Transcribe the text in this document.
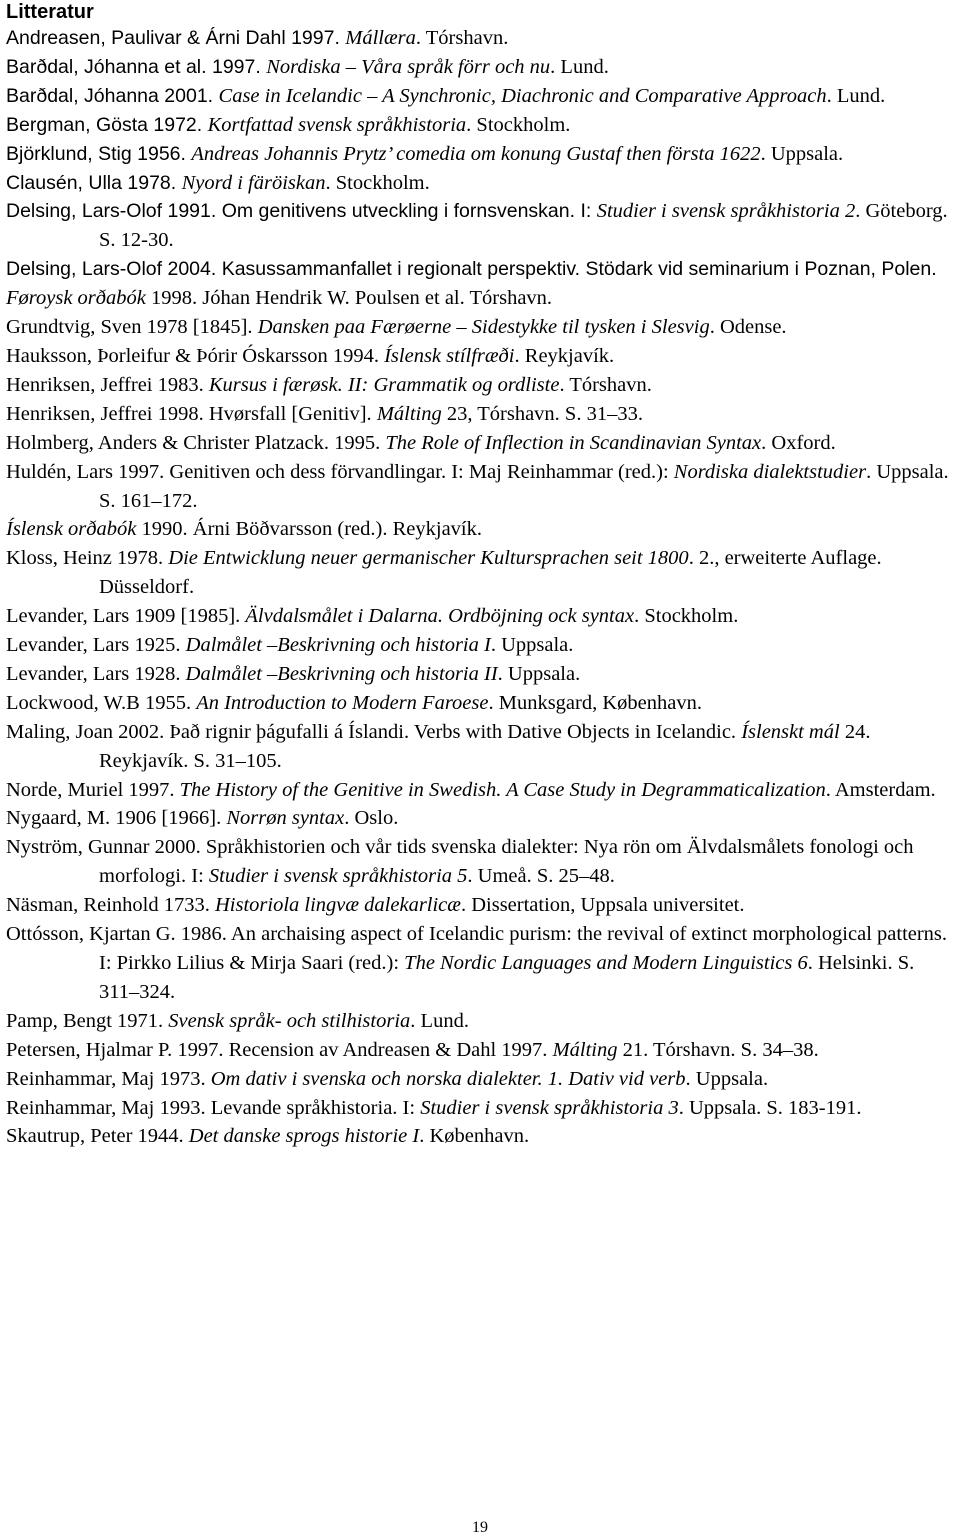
Litteratur

Andreasen, Paulivar & Árni Dahl 1997. Mállæra. Tórshavn.

Barðdal, Jóhanna et al. 1997. Nordiska – Våra språk förr och nu. Lund.

Barðdal, Jóhanna 2001. Case in Icelandic – A Synchronic, Diachronic and Comparative Approach. Lund.

Bergman, Gösta 1972. Kortfattad svensk språkhistoria. Stockholm.

Björklund, Stig 1956. Andreas Johannis Prytz’ comedia om konung Gustaf then första 1622. Uppsala.

Clausén, Ulla 1978. Nyord i färöiskan. Stockholm.

Delsing, Lars-Olof 1991. Om genitivens utveckling i fornsvenskan. I: Studier i svensk språkhistoria 2. Göteborg. S. 12-30.

Delsing, Lars-Olof 2004. Kasussammanfallet i regionalt perspektiv. Stödark vid seminarium i Poznan, Polen.

Føroysk orðabók 1998. Jóhan Hendrik W. Poulsen et al. Tórshavn.

Grundtvig, Sven 1978 [1845]. Dansken paa Færøerne – Sidestykke til tysken i Slesvig. Odense.

Hauksson, Þorleifur & Þórir Óskarsson 1994. Íslensk stílfræði. Reykjavík.

Henriksen, Jeffrei 1983. Kursus i færøsk. II: Grammatik og ordliste. Tórshavn.

Henriksen, Jeffrei 1998. Hvørsfall [Genitiv]. Málting 23, Tórshavn. S. 31–33.

Holmberg, Anders & Christer Platzack. 1995. The Role of Inflection in Scandinavian Syntax. Oxford.

Huldén, Lars 1997. Genitiven och dess förvandlingar. I: Maj Reinhammar (red.): Nordiska dialektstudier. Uppsala. S. 161–172.

Íslensk orðabók 1990. Árni Böðvarsson (red.). Reykjavík.

Kloss, Heinz 1978. Die Entwicklung neuer germanischer Kultursprachen seit 1800. 2., erweiterte Auflage. Düsseldorf.

Levander, Lars 1909 [1985]. Älvdalsmålet i Dalarna. Ordböjning ock syntax. Stockholm.

Levander, Lars 1925. Dalmålet –Beskrivning och historia I. Uppsala.

Levander, Lars 1928. Dalmålet –Beskrivning och historia II. Uppsala.

Lockwood, W.B 1955. An Introduction to Modern Faroese. Munksgard, København.

Maling, Joan 2002. Það rignir þágufalli á Íslandi. Verbs with Dative Objects in Icelandic. Íslenskt mál 24. Reykjavík. S. 31–105.

Norde, Muriel 1997. The History of the Genitive in Swedish. A Case Study in Degrammaticalization. Amsterdam.

Nygaard, M. 1906 [1966]. Norrøn syntax. Oslo.

Nyström, Gunnar 2000. Språkhistorien och vår tids svenska dialekter: Nya rön om Älvdalsmålets fonologi och morfologi. I: Studier i svensk språkhistoria 5. Umeå. S. 25–48.

Näsman, Reinhold 1733. Historiola lingvæ dalekarlicæ. Dissertation, Uppsala universitet.

Ottósson, Kjartan G. 1986. An archaising aspect of Icelandic purism: the revival of extinct morphological patterns. I: Pirkko Lilius & Mirja Saari (red.): The Nordic Languages and Modern Linguistics 6. Helsinki. S. 311–324.

Pamp, Bengt 1971. Svensk språk- och stilhistoria. Lund.

Petersen, Hjalmar P. 1997. Recension av Andreasen & Dahl 1997. Málting 21. Tórshavn. S. 34–38.

Reinhammar, Maj 1973. Om dativ i svenska och norska dialekter. 1. Dativ vid verb. Uppsala.

Reinhammar, Maj 1993. Levande språkhistoria. I: Studier i svensk språkhistoria 3. Uppsala. S. 183-191.

Skautrup, Peter 1944. Det danske sprogs historie I. København.

19
